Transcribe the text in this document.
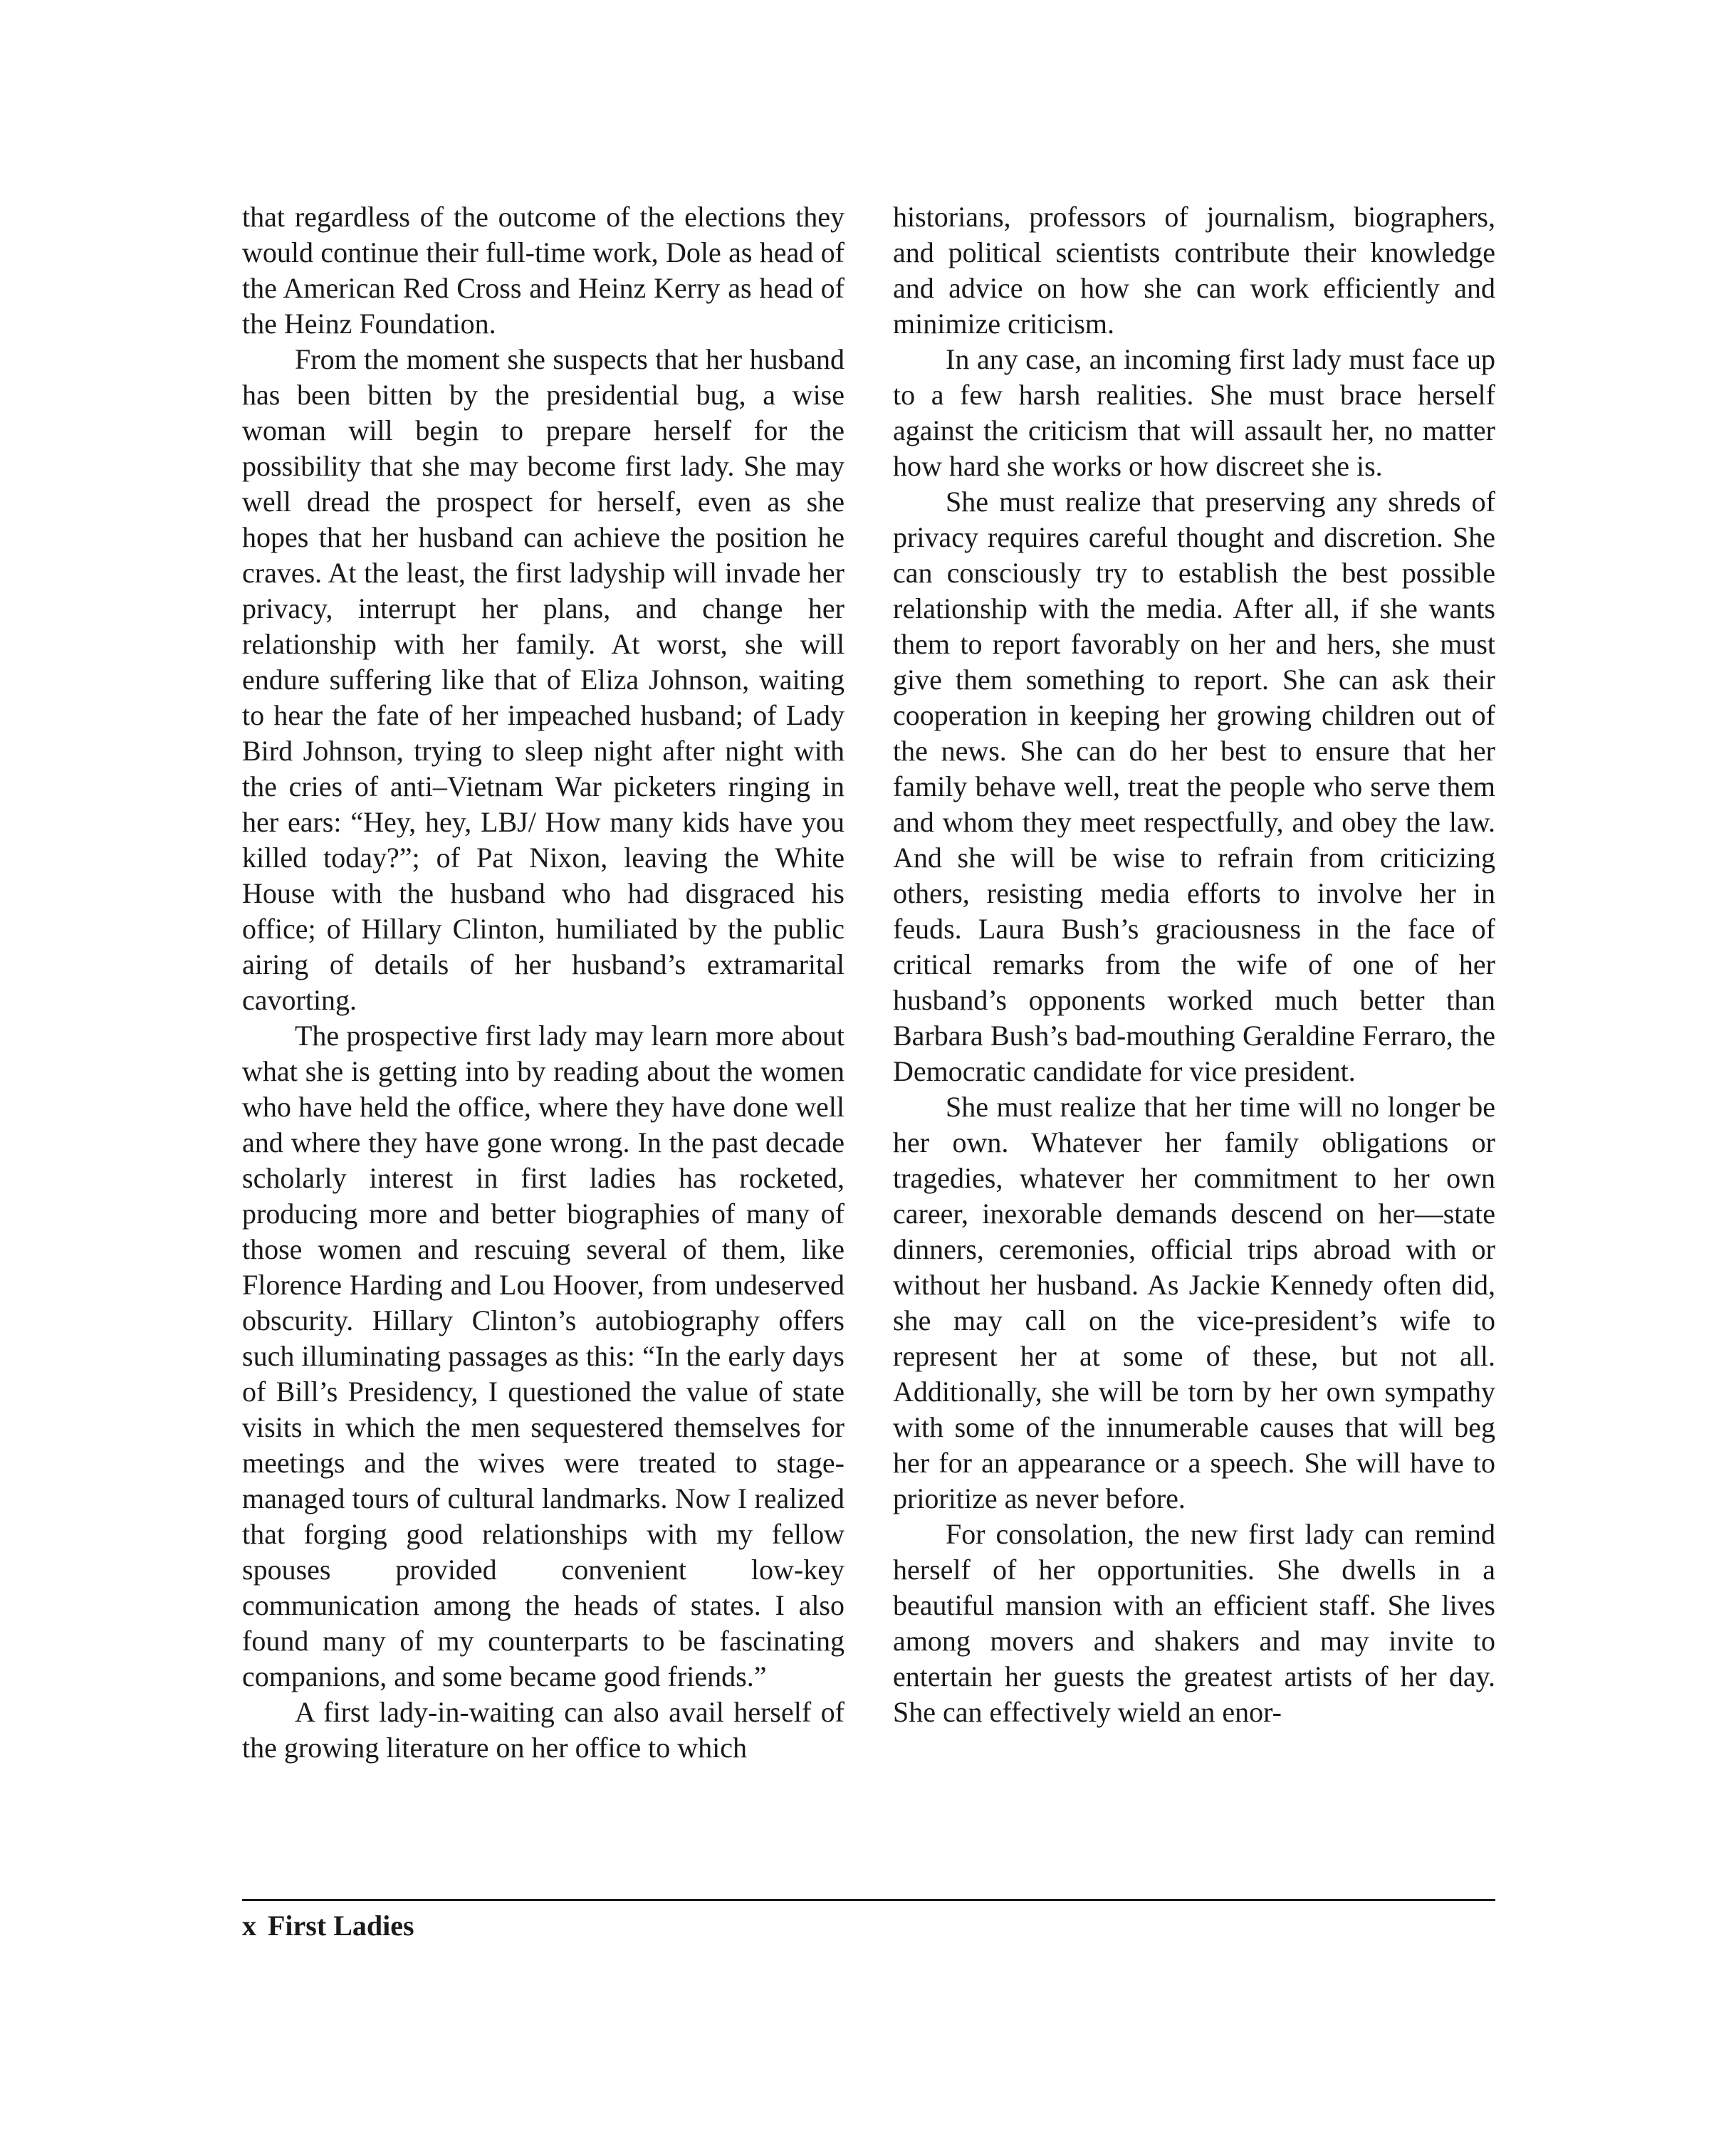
that regardless of the outcome of the elections they would continue their full-time work, Dole as head of the American Red Cross and Heinz Kerry as head of the Heinz Foundation.

From the moment she suspects that her husband has been bitten by the presidential bug, a wise woman will begin to prepare herself for the possibility that she may become first lady. She may well dread the prospect for herself, even as she hopes that her husband can achieve the position he craves. At the least, the first ladyship will invade her privacy, interrupt her plans, and change her relationship with her family. At worst, she will endure suffering like that of Eliza Johnson, waiting to hear the fate of her impeached husband; of Lady Bird Johnson, trying to sleep night after night with the cries of anti–Vietnam War picketers ringing in her ears: “Hey, hey, LBJ/ How many kids have you killed today?”; of Pat Nixon, leaving the White House with the husband who had disgraced his office; of Hillary Clinton, humiliated by the public airing of details of her husband’s extramarital cavorting.

The prospective first lady may learn more about what she is getting into by reading about the women who have held the office, where they have done well and where they have gone wrong. In the past decade scholarly interest in first ladies has rocketed, producing more and better biographies of many of those women and rescuing several of them, like Florence Harding and Lou Hoover, from undeserved obscurity. Hillary Clinton’s autobiography offers such illuminating passages as this: “In the early days of Bill’s Presidency, I questioned the value of state visits in which the men sequestered themselves for meetings and the wives were treated to stage-managed tours of cultural landmarks. Now I realized that forging good relationships with my fellow spouses provided convenient low-key communication among the heads of states. I also found many of my counterparts to be fascinating companions, and some became good friends.”

A first lady-in-waiting can also avail herself of the growing literature on her office to which

historians, professors of journalism, biographers, and political scientists contribute their knowledge and advice on how she can work efficiently and minimize criticism.

In any case, an incoming first lady must face up to a few harsh realities. She must brace herself against the criticism that will assault her, no matter how hard she works or how discreet she is.

She must realize that preserving any shreds of privacy requires careful thought and discretion. She can consciously try to establish the best possible relationship with the media. After all, if she wants them to report favorably on her and hers, she must give them something to report. She can ask their cooperation in keeping her growing children out of the news. She can do her best to ensure that her family behave well, treat the people who serve them and whom they meet respectfully, and obey the law. And she will be wise to refrain from criticizing others, resisting media efforts to involve her in feuds. Laura Bush’s graciousness in the face of critical remarks from the wife of one of her husband’s opponents worked much better than Barbara Bush’s bad-mouthing Geraldine Ferraro, the Democratic candidate for vice president.

She must realize that her time will no longer be her own. Whatever her family obligations or tragedies, whatever her commitment to her own career, inexorable demands descend on her—state dinners, ceremonies, official trips abroad with or without her husband. As Jackie Kennedy often did, she may call on the vice-president’s wife to represent her at some of these, but not all. Additionally, she will be torn by her own sympathy with some of the innumerable causes that will beg her for an appearance or a speech. She will have to prioritize as never before.

For consolation, the new first lady can remind herself of her opportunities. She dwells in a beautiful mansion with an efficient staff. She lives among movers and shakers and may invite to entertain her guests the greatest artists of her day. She can effectively wield an enor-

x First Ladies
